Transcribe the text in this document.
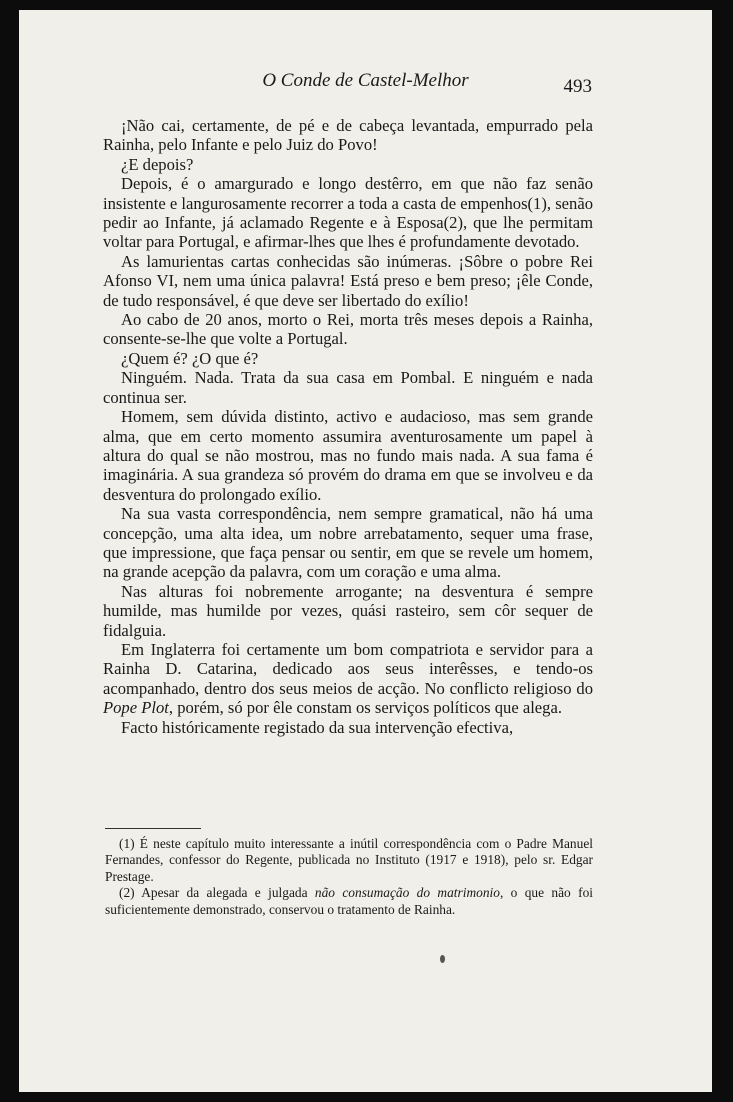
O Conde de Castel-Melhor	493

¡Não cai, certamente, de pé e de cabeça levantada, empurrado pela Rainha, pelo Infante e pelo Juiz do Povo!

¿E depois?

Depois, é o amargurado e longo destêrro, em que não faz senão insistente e langurosamente recorrer a toda a casta de empenhos(1), senão pedir ao Infante, já aclamado Regente e à Esposa(2), que lhe permitam voltar para Portugal, e afirmar-lhes que lhes é profundamente devotado.

As lamurientas cartas conhecidas são inúmeras. ¡Sôbre o pobre Rei Afonso VI, nem uma única palavra! Está preso e bem preso; ¡êle Conde, de tudo responsável, é que deve ser libertado do exílio!

Ao cabo de 20 anos, morto o Rei, morta três meses depois a Rainha, consente-se-lhe que volte a Portugal.

¿Quem é? ¿O que é?

Ninguém. Nada. Trata da sua casa em Pombal. E ninguém e nada continua ser.

Homem, sem dúvida distinto, activo e audacioso, mas sem grande alma, que em certo momento assumira aventurosamente um papel à altura do qual se não mostrou, mas no fundo mais nada. A sua fama é imaginária. A sua grandeza só provém do drama em que se involveu e da desventura do prolongado exílio.

Na sua vasta correspondência, nem sempre gramatical, não há uma concepção, uma alta idea, um nobre arrebatamento, sequer uma frase, que impressione, que faça pensar ou sentir, em que se revele um homem, na grande acepção da palavra, com um coração e uma alma.

Nas alturas foi nobremente arrogante; na desventura é sempre humilde, mas humilde por vezes, quási rasteiro, sem côr sequer de fidalguia.

Em Inglaterra foi certamente um bom compatriota e servidor para a Rainha D. Catarina, dedicado aos seus interêsses, e tendo-os acompanhado, dentro dos seus meios de acção. No conflicto religioso do Pope Plot, porém, só por êle constam os serviços políticos que alega.

Facto históricamente registado da sua intervenção efectiva,

(1) É neste capítulo muito interessante a inútil correspondência com o Padre Manuel Fernandes, confessor do Regente, publicada no Instituto (1917 e 1918), pelo sr. Edgar Prestage.

(2) Apesar da alegada e julgada não consumação do matrimonio, o que não foi suficientemente demonstrado, conservou o tratamento de Rainha.
